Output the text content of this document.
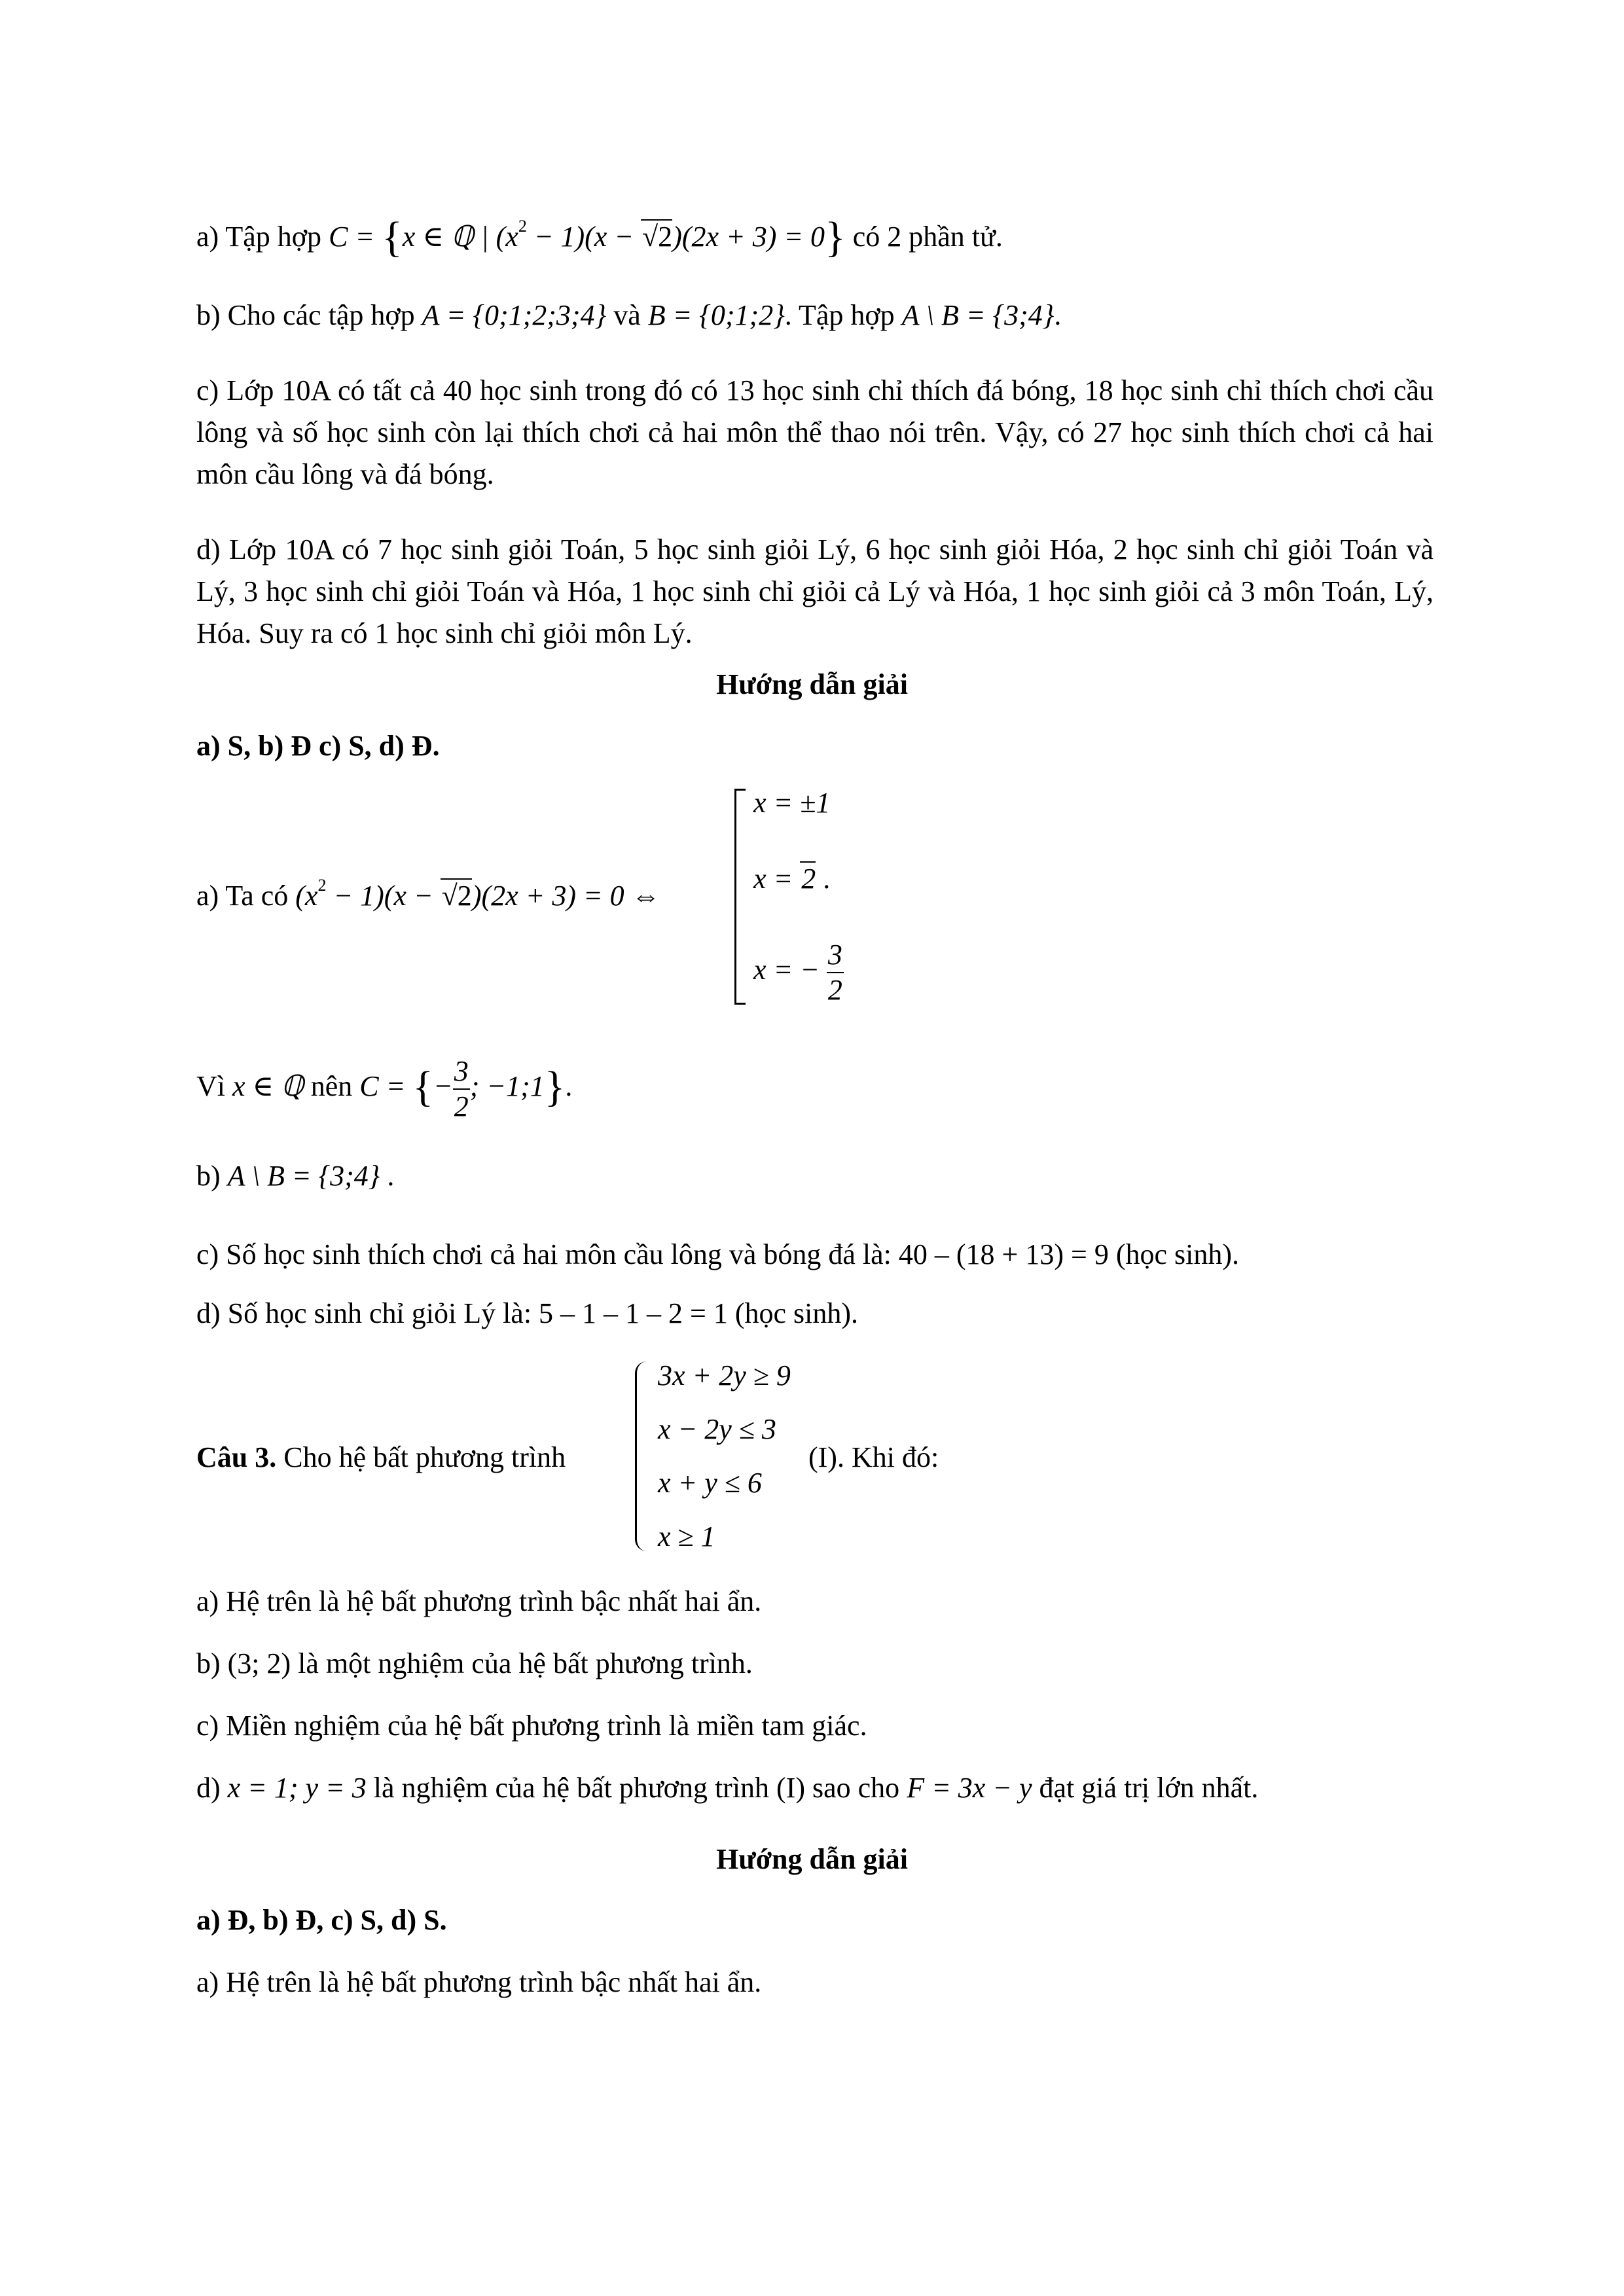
a) Tập hợp C = {x ∈ ℚ | $(x^2 - 1)(x - √2)(2x + 3) = 0$} có 2 phần tử.
b) Cho các tập hợp A = {0;1;2;3;4} và B = {0;1;2}. Tập hợp A \ B = {3;4}.
c) Lớp 10A có tất cả 40 học sinh trong đó có 13 học sinh chỉ thích đá bóng, 18 học sinh chỉ thích chơi cầu lông và số học sinh còn lại thích chơi cả hai môn thể thao nói trên. Vậy, có 27 học sinh thích chơi cả hai môn cầu lông và đá bóng.
d) Lớp 10A có 7 học sinh giỏi Toán, 5 học sinh giỏi Lý, 6 học sinh giỏi Hóa, 2 học sinh chỉ giỏi Toán và Lý, 3 học sinh chỉ giỏi Toán và Hóa, 1 học sinh chỉ giỏi cả Lý và Hóa, 1 học sinh giỏi cả 3 môn Toán, Lý, Hóa. Suy ra có 1 học sinh chỉ giỏi môn Lý.
Hướng dẫn giải
a) S, b) Đ c) S, d) Đ.
a) Ta có $(x^2 - 1)(x - √2)(2x + 3) = 0$ ⇔
x = ±1
x = 2 .
x = − $\frac{3}{2}$
Vì x ∈ ℚ nên C = {− $\frac{3}{2}$ ; −1;1}.
b) A \ B = {3;4} .
c) Số học sinh thích chơi cả hai môn cầu lông và bóng đá là: 40 – (18 + 13) = 9 (học sinh).
d) Số học sinh chỉ giỏi Lý là: 5 – 1 – 1 – 2 = 1 (học sinh).
Câu 3. Cho hệ bất phương trình
3x + 2y ≥ 9
x − 2y ≤ 3
x + y ≤ 6
x ≥ 1
(I). Khi đó:
a) Hệ trên là hệ bất phương trình bậc nhất hai ẩn.
b) (3; 2) là một nghiệm của hệ bất phương trình.
c) Miền nghiệm của hệ bất phương trình là miền tam giác.
d) x = 1; y = 3 là nghiệm của hệ bất phương trình (I) sao cho F = 3x − y đạt giá trị lớn nhất.
Hướng dẫn giải
a) Đ, b) Đ, c) S, d) S.
a) Hệ trên là hệ bất phương trình bậc nhất hai ẩn.
